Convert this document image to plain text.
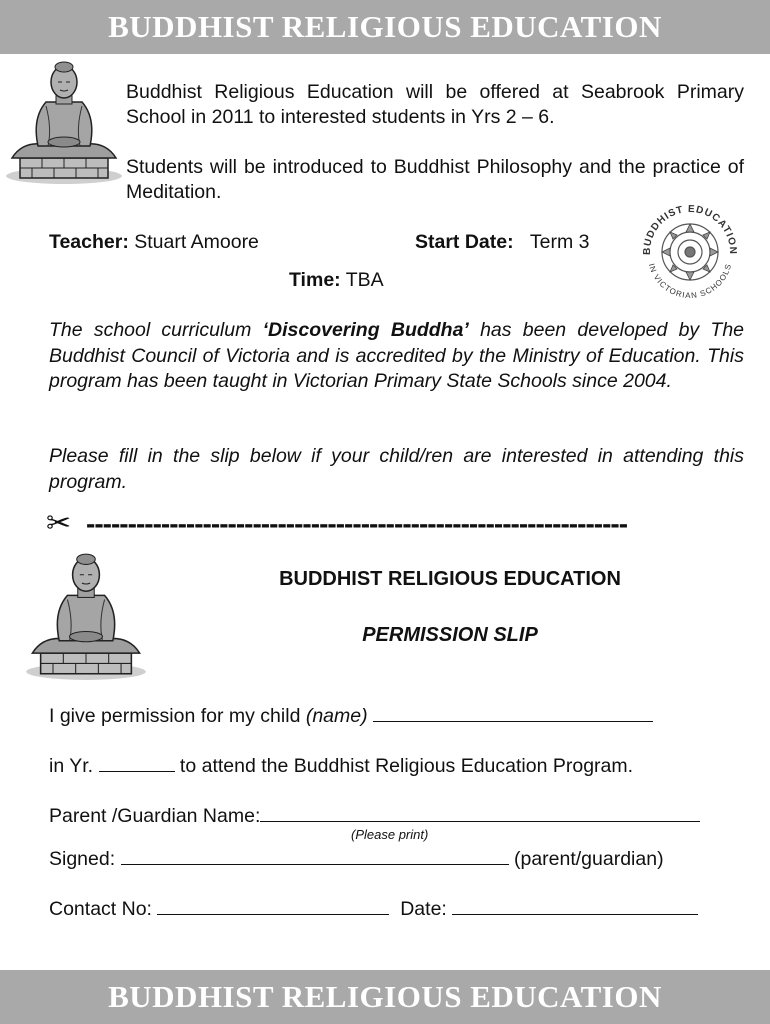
BUDDHIST RELIGIOUS EDUCATION

Buddhist Religious Education will be offered at Seabrook Primary School in 2011 to interested students in Yrs 2 – 6.

Students will be introduced to Buddhist Philosophy and the practice of Meditation.

Teacher: Stuart Amoore	Start Date: Term 3
Time: TBA
BUDDHIST EDUCATION
IN VICTORIAN SCHOOLS

The school curriculum ‘Discovering Buddha’ has been developed by The Buddhist Council of Victoria and is accredited by the Ministry of Education. This program has been taught in Victorian Primary State Schools since 2004.

Please fill in the slip below if your child/ren are interested in attending this program.

✂ -----------------------------------------------------------------
BUDDHIST RELIGIOUS EDUCATION
PERMISSION SLIP
I give permission for my child (name)
in Yr.	to attend the Buddhist Religious Education Program.
Parent /Guardian Name:
(Please print)
Signed:	(parent/guardian)
Contact No:	Date:
BUDDHIST RELIGIOUS EDUCATION
